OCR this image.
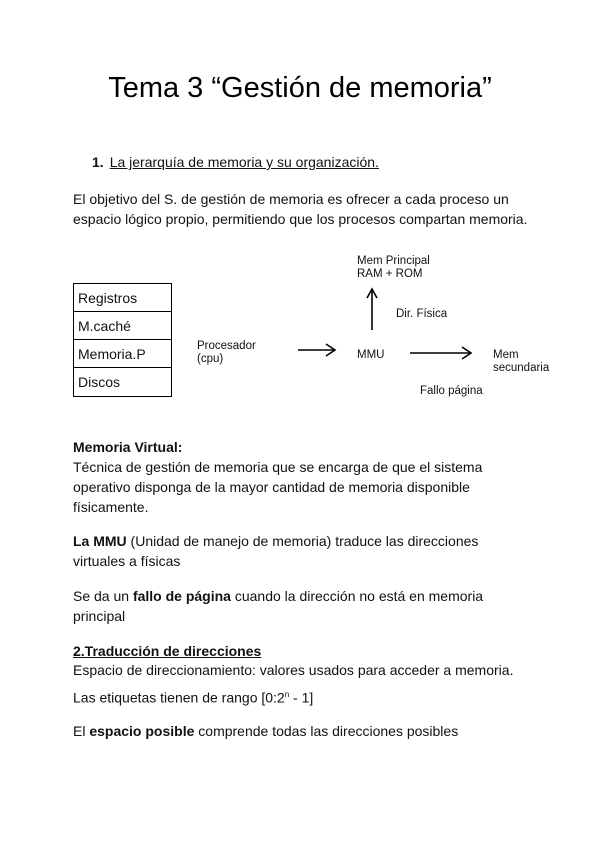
Tema 3 “Gestión de memoria”
1. La jerarquía de memoria y su organización.
El objetivo del S. de gestión de memoria es ofrecer a cada proceso un espacio lógico propio, permitiendo que los procesos compartan memoria.
Registros
M.caché
Memoria.P
Discos
Procesador
(cpu)	MMU
Mem Principal
RAM + ROM
Dir. Física
Mem
secundaria
Fallo página
Memoria Virtual:
Técnica de gestión de memoria que se encarga de que el sistema operativo disponga de la mayor cantidad de memoria disponible físicamente.
La MMU (Unidad de manejo de memoria) traduce las direcciones virtuales a físicas
Se da un fallo de página cuando la dirección no está en memoria principal
2.Traducción de direcciones
Espacio de direccionamiento: valores usados para acceder a memoria.
Las etiquetas tienen de rango [0:2$^n$ - 1]
El espacio posible comprende todas las direcciones posibles
